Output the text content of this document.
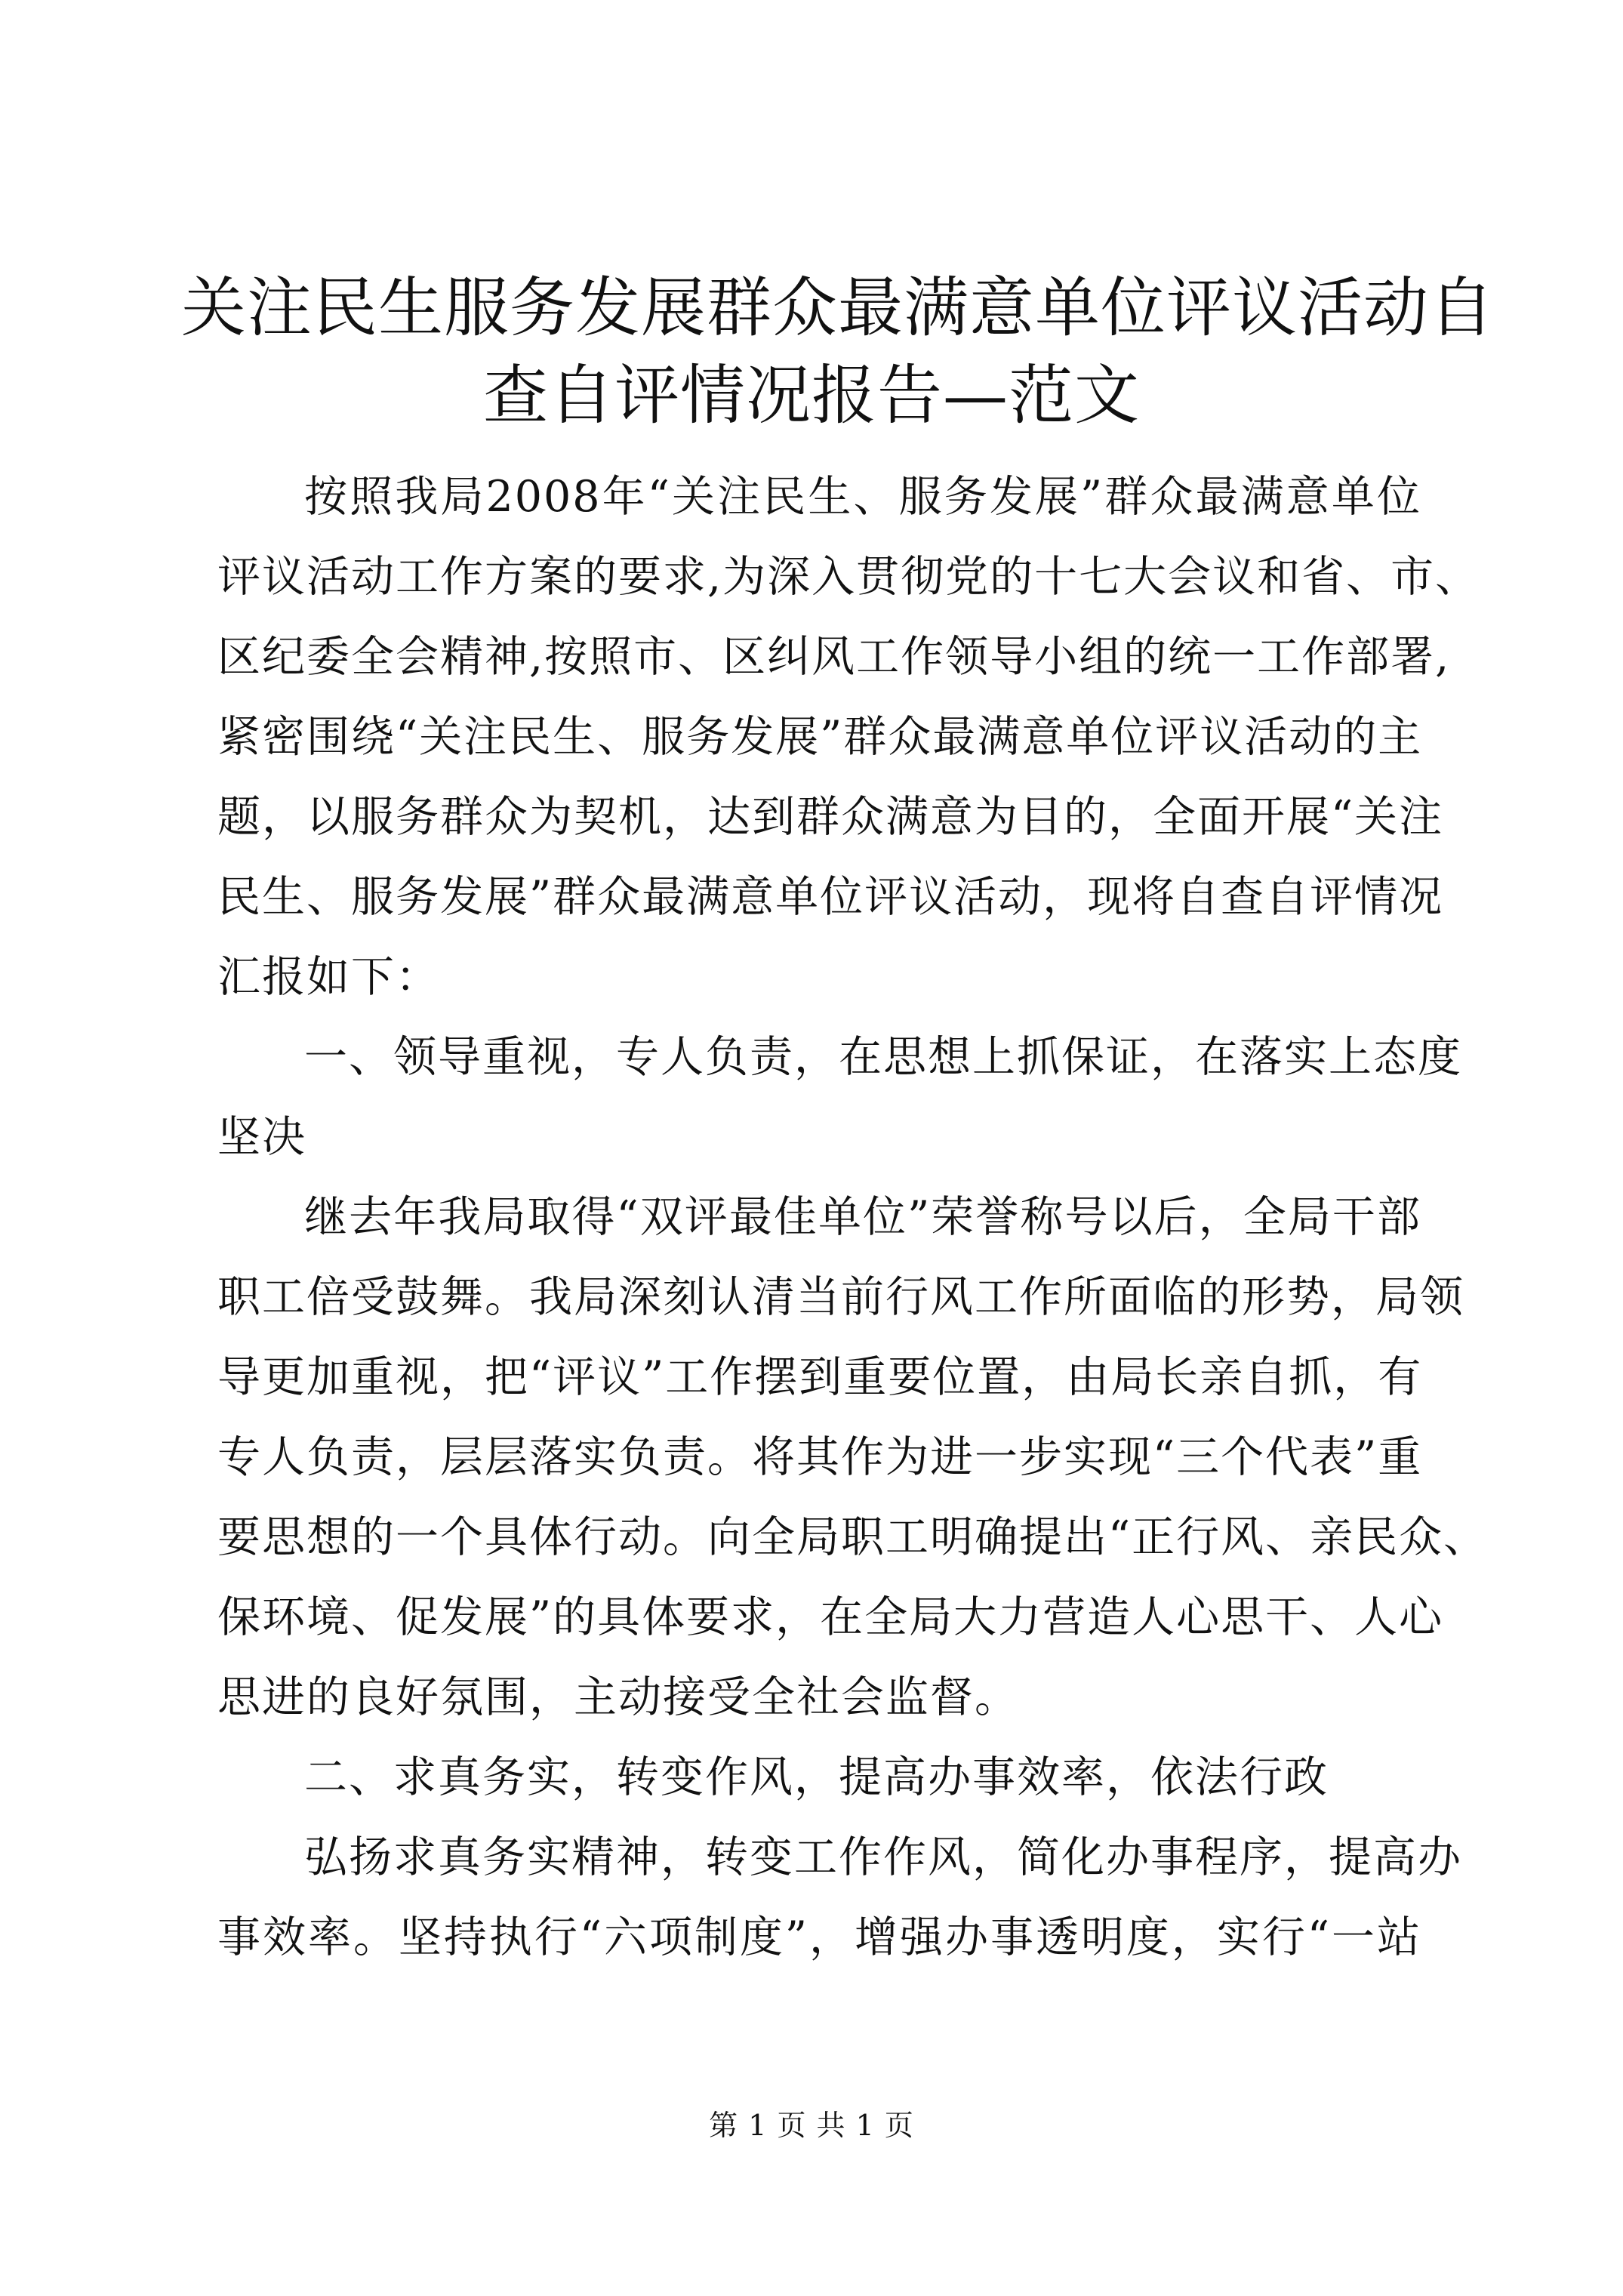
关注民生服务发展群众最满意单位评议活动自
查自评情况报告—范文
按照我局2008年“关注民生、服务发展”群众最满意单位
评议活动工作方案的要求,为深入贯彻党的十七大会议和省、市、
区纪委全会精神,按照市、区纠风工作领导小组的统一工作部署,
紧密围绕“关注民生、服务发展”群众最满意单位评议活动的主
题，以服务群众为契机，达到群众满意为目的，全面开展“关注
民生、服务发展”群众最满意单位评议活动，现将自查自评情况
汇报如下：
一、领导重视，专人负责，在思想上抓保证，在落实上态度
坚决
继去年我局取得“双评最佳单位”荣誉称号以后，全局干部
职工倍受鼓舞。我局深刻认清当前行风工作所面临的形势，局领
导更加重视，把“评议”工作摆到重要位置，由局长亲自抓，有
专人负责，层层落实负责。将其作为进一步实现“三个代表”重
要思想的一个具体行动。向全局职工明确提出“正行风、亲民众、
保环境、促发展”的具体要求，在全局大力营造人心思干、人心
思进的良好氛围，主动接受全社会监督。
二、求真务实，转变作风，提高办事效率，依法行政
弘扬求真务实精神，转变工作作风，简化办事程序，提高办
事效率。坚持执行“六项制度”，增强办事透明度，实行“一站
第 1 页 共 1 页
